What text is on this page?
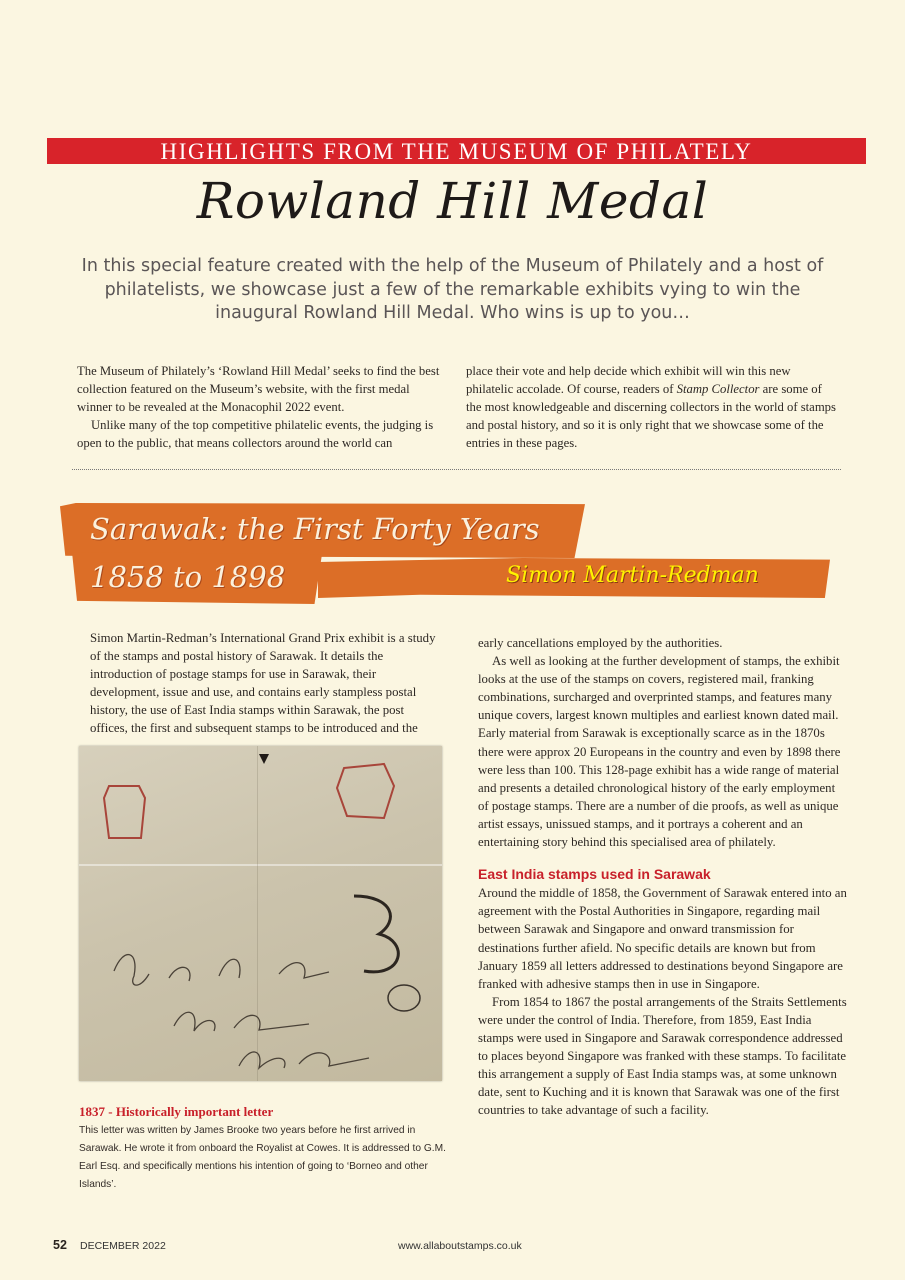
HIGHLIGHTS FROM THE MUSEUM OF PHILATELY
Rowland Hill Medal
In this special feature created with the help of the Museum of Philately and a host of philatelists, we showcase just a few of the remarkable exhibits vying to win the inaugural Rowland Hill Medal. Who wins is up to you…

The Museum of Philately’s ‘Rowland Hill Medal’ seeks to find the best collection featured on the Museum’s website, with the first medal winner to be revealed at the Monacophil 2022 event.

Unlike many of the top competitive philatelic events, the judging is open to the public, that means collectors around the world can

place their vote and help decide which exhibit will win this new philatelic accolade. Of course, readers of Stamp Collector are some of the most knowledgeable and discerning collectors in the world of stamps and postal history, and so it is only right that we showcase some of the entries in these pages.

Sarawak: the First Forty Years
1858 to 1898	Simon Martin-Redman

Simon Martin-Redman’s International Grand Prix exhibit is a study of the stamps and postal history of Sarawak. It details the introduction of postage stamps for use in Sarawak, their development, issue and use, and contains early stampless postal history, the use of East India stamps within Sarawak, the post offices, the first and subsequent stamps to be introduced and the

1837 - Historically important letter
This letter was written by James Brooke two years before he first arrived in Sarawak. He wrote it from onboard the Royalist at Cowes. It is addressed to G.M. Earl Esq. and specifically mentions his intention of going to ‘Borneo and other Islands’.

early cancellations employed by the authorities.

As well as looking at the further development of stamps, the exhibit looks at the use of the stamps on covers, registered mail, franking combinations, surcharged and overprinted stamps, and features many unique covers, largest known multiples and earliest known dated mail. Early material from Sarawak is exceptionally scarce as in the 1870s there were approx 20 Europeans in the country and even by 1898 there were less than 100. This 128-page exhibit has a wide range of material and presents a detailed chronological history of the early employment of postage stamps. There are a number of die proofs, as well as unique artist essays, unissued stamps, and it portrays a coherent and an entertaining story behind this specialised area of philately.

East India stamps used in Sarawak

Around the middle of 1858, the Government of Sarawak entered into an agreement with the Postal Authorities in Singapore, regarding mail between Sarawak and Singapore and onward transmission for destinations further afield. No specific details are known but from January 1859 all letters addressed to destinations beyond Singapore are franked with adhesive stamps then in use in Singapore.

From 1854 to 1867 the postal arrangements of the Straits Settlements were under the control of India. Therefore, from 1859, East India stamps were used in Singapore and Sarawak correspondence addressed to places beyond Singapore was franked with these stamps. To facilitate this arrangement a supply of East India stamps was, at some unknown date, sent to Kuching and it is known that Sarawak was one of the first countries to take advantage of such a facility.

52 DECEMBER 2022	www.allaboutstamps.co.uk
